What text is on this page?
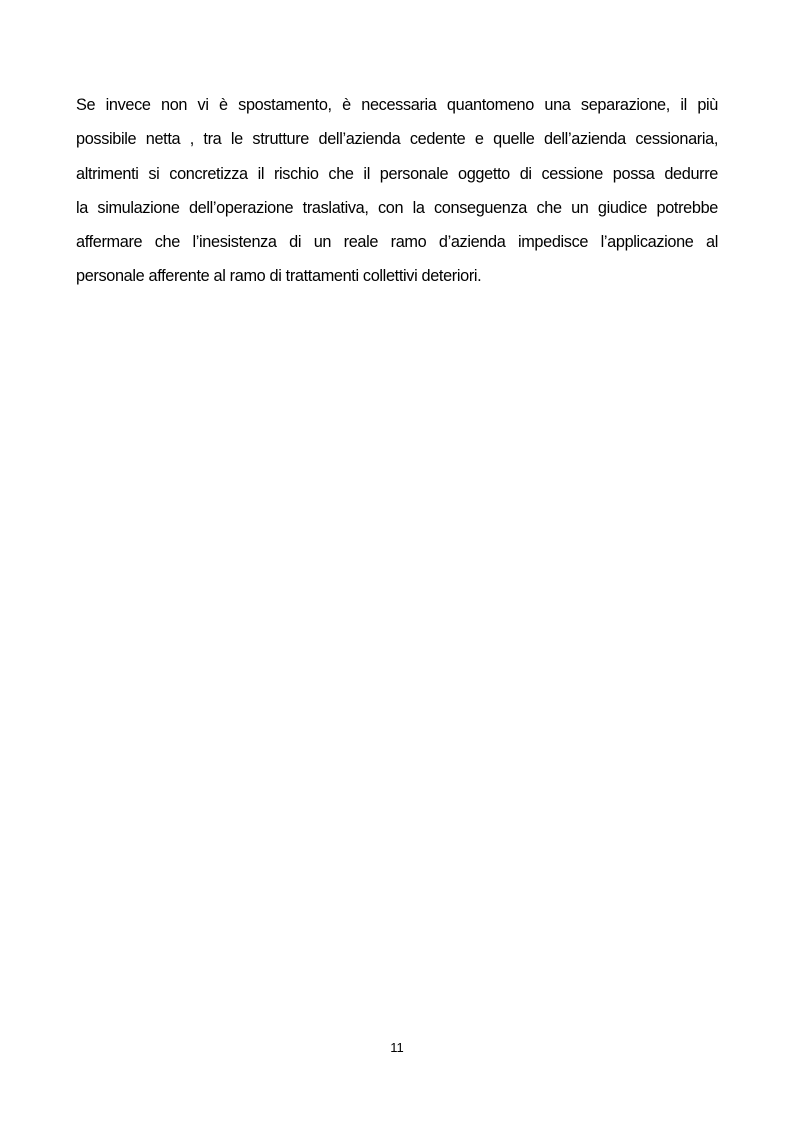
Se invece non vi è spostamento, è necessaria quantomeno una separazione, il più
possibile netta , tra le strutture dell’azienda cedente e quelle dell’azienda cessionaria,
altrimenti si concretizza il rischio che il personale oggetto di cessione possa dedurre
la simulazione dell’operazione traslativa, con la conseguenza che un giudice potrebbe
affermare che l’inesistenza di un reale ramo d’azienda impedisce l’applicazione al
personale afferente al ramo di trattamenti collettivi deteriori.

11
